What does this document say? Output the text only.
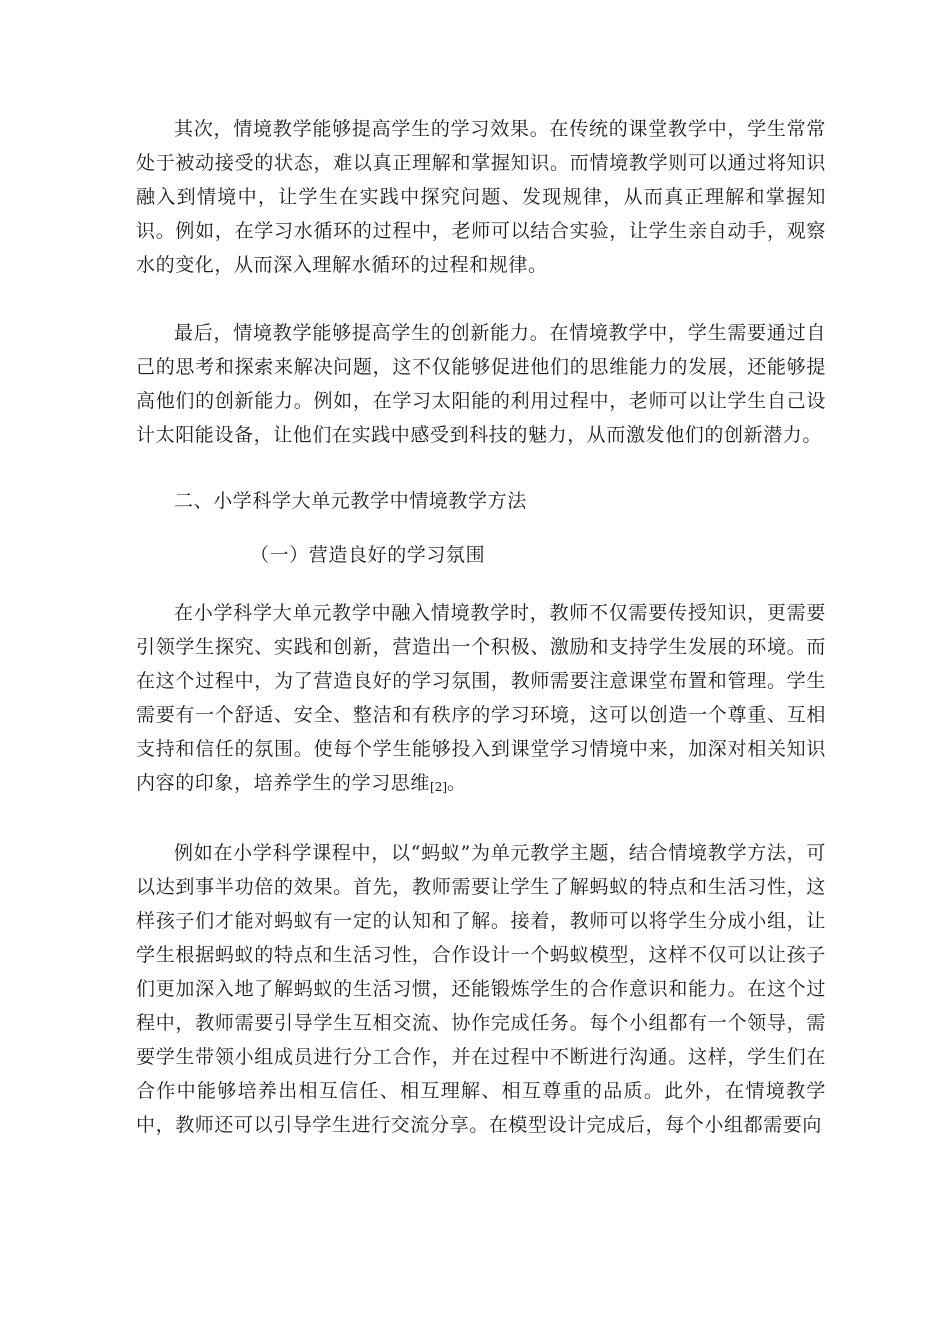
其次，情境教学能够提高学生的学习效果。在传统的课堂教学中，学生常常处于被动接受的状态，难以真正理解和掌握知识。而情境教学则可以通过将知识融入到情境中，让学生在实践中探究问题、发现规律，从而真正理解和掌握知识。例如，在学习水循环的过程中，老师可以结合实验，让学生亲自动手，观察水的变化，从而深入理解水循环的过程和规律。

最后，情境教学能够提高学生的创新能力。在情境教学中，学生需要通过自己的思考和探索来解决问题，这不仅能够促进他们的思维能力的发展，还能够提高他们的创新能力。例如，在学习太阳能的利用过程中，老师可以让学生自己设计太阳能设备，让他们在实践中感受到科技的魅力，从而激发他们的创新潜力。

二、小学科学大单元教学中情境教学方法
（一）营造良好的学习氛围

在小学科学大单元教学中融入情境教学时，教师不仅需要传授知识，更需要引领学生探究、实践和创新，营造出一个积极、激励和支持学生发展的环境。而在这个过程中，为了营造良好的学习氛围，教师需要注意课堂布置和管理。学生需要有一个舒适、安全、整洁和有秩序的学习环境，这可以创造一个尊重、互相支持和信任的氛围。使每个学生能够投入到课堂学习情境中来，加深对相关知识内容的印象，培养学生的学习思维[2]。

例如在小学科学课程中，以“蚂蚁”为单元教学主题，结合情境教学方法，可以达到事半功倍的效果。首先，教师需要让学生了解蚂蚁的特点和生活习性，这样孩子们才能对蚂蚁有一定的认知和了解。接着，教师可以将学生分成小组，让学生根据蚂蚁的特点和生活习性，合作设计一个蚂蚁模型，这样不仅可以让孩子们更加深入地了解蚂蚁的生活习惯，还能锻炼学生的合作意识和能力。在这个过程中，教师需要引导学生互相交流、协作完成任务。每个小组都有一个领导，需要学生带领小组成员进行分工合作，并在过程中不断进行沟通。这样，学生们在合作中能够培养出相互信任、相互理解、相互尊重的品质。此外，在情境教学中，教师还可以引导学生进行交流分享。在模型设计完成后，每个小组都需要向
